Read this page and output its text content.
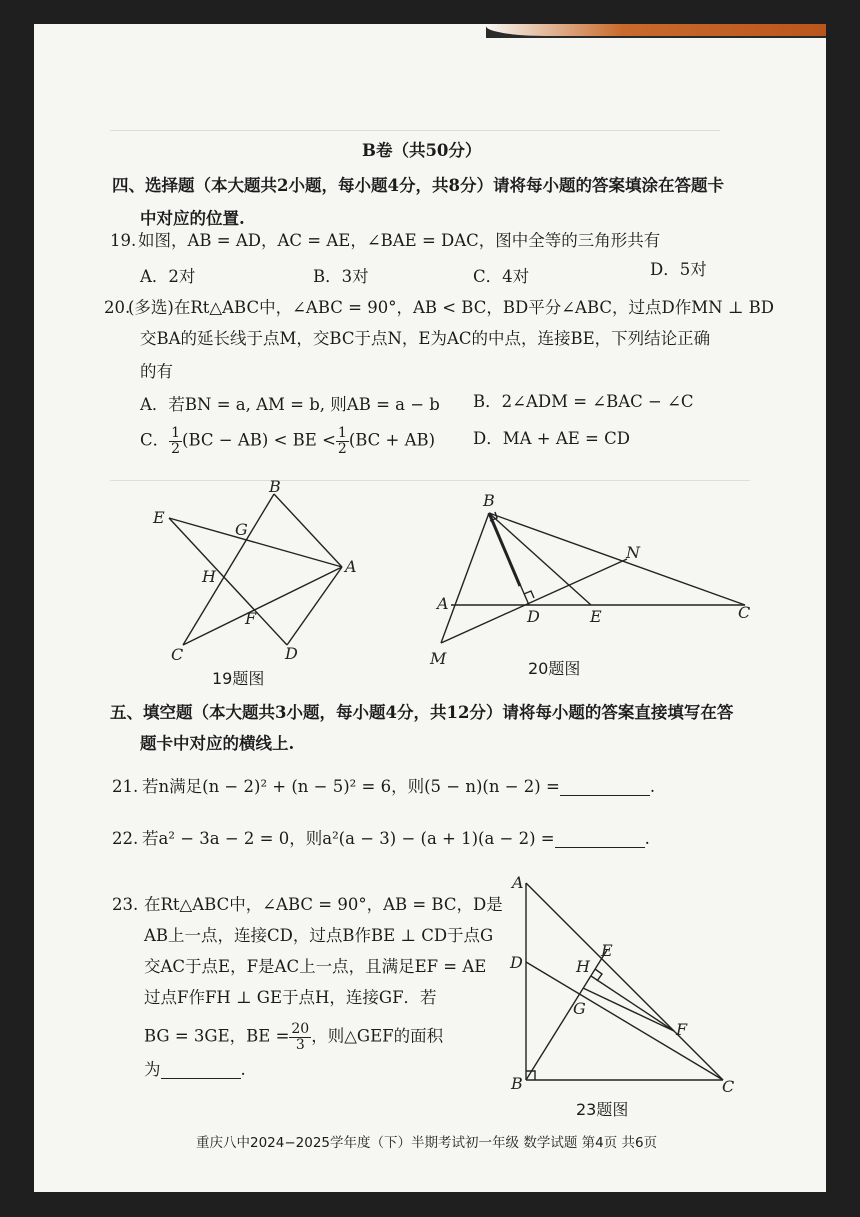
B卷（共50分）
四、选择题（本大题共2小题，每小题4分，共8分）请将每小题的答案填涂在答题卡
中对应的位置.
19. 如图，AB = AD，AC = AE，∠BAE = DAC，图中全等的三角形共有
A．2对	B．3对	C．4对	D．5对
20.
(多选)在Rt△ABC中，∠ABC = 90°，AB < BC，BD平分∠ABC，过点D作MN ⊥ BD
交BA的延长线于点M，交BC于点N，E为AC的中点，连接BE，下列结论正确
的有
A．若BN = a, AM = b, 则AB = a − b B．2∠ADM = ∠BAC − ∠C
C． $\frac{1}{2} (BC - AB)$ < BE < $\frac{1}{2} (BC + AB)$ D．MA + AE = CD
B
E
G
A
H
F
C	D
19题图
B
N
A
D	E	C
M
20题图
五、填空题（本大题共3小题，每小题4分，共12分）请将每小题的答案直接填写在答
题卡中对应的横线上.
21. 若n满足(n − 2)² + (n − 5)² = 6，则(5 − n)(n − 2) =	.
22. 若a² − 3a − 2 = 0，则a²(a − 3) − (a + 1)(a − 2) =	.
23. 在Rt△ABC中，∠ABC = 90°，AB = BC，D是
AB上一点，连接CD，过点B作BE ⊥ CD于点G
交AC于点E，F是AC上一点，且满足EF = AE
过点F作FH ⊥ GE于点H，连接GF．若
BG = 3GE，BE = $\frac{20}{3}$ ，则△GEF的面积
为	.
A
E
D	H
G
F
B	C
23题图
重庆八中2024−2025学年度（下）半期考试初一年级 数学试题 第4页 共6页
